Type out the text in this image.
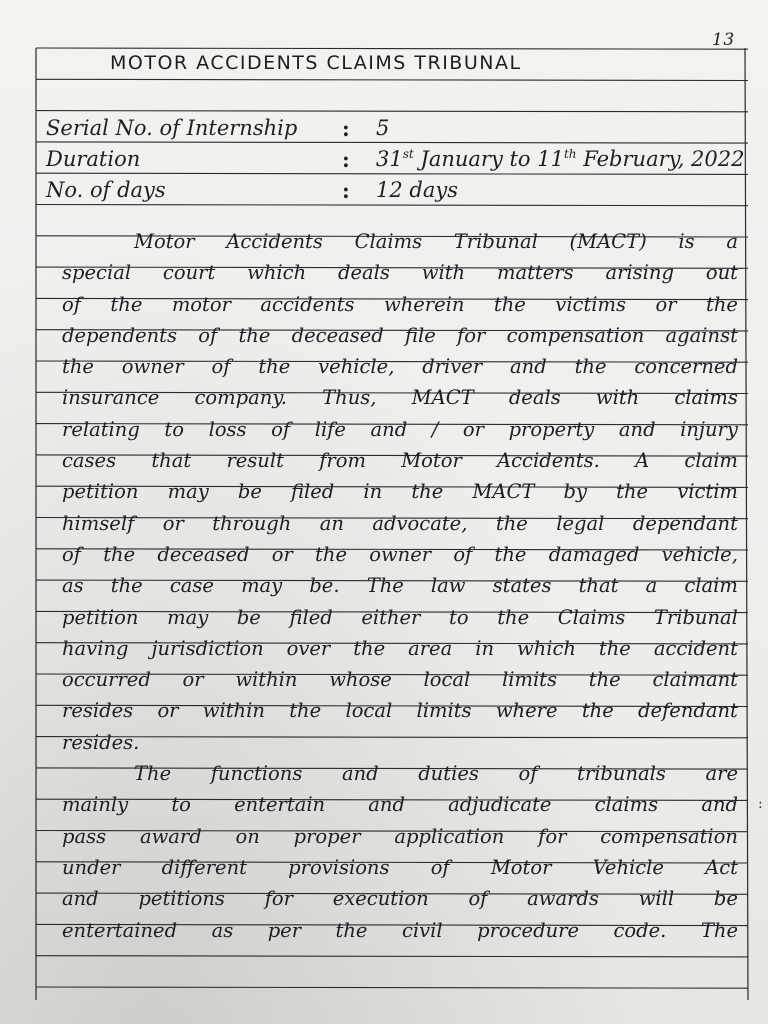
13
MOTOR ACCIDENTS CLAIMS TRIBUNAL
Serial No. of Internship : 5
Duration	: 31st January to 11th February, 2022
No. of days	: 12 days
Motor Accidents Claims Tribunal (MACT) is a
special court which deals with matters arising out
of the motor accidents wherein the victims or the
dependents of the deceased file for compensation against
the owner of the vehicle, driver and the concerned
insurance company. Thus, MACT deals with claims
relating to loss of life and / or property and injury
cases that result from Motor Accidents. A claim
petition may be filed in the MACT by the victim
himself or through an advocate, the legal dependant
of the deceased or the owner of the damaged vehicle,
as the case may be. The law states that a claim
petition may be filed either to the Claims Tribunal
having jurisdiction over the area in which the accident
occurred or within whose local limits the claimant
resides or within the local limits where the defendant
resides.
The functions and duties of tribunals are
mainly to entertain and adjudicate claims and
pass award on proper application for compensation
under different provisions of Motor Vehicle Act
and petitions for execution of awards will be
entertained as per the civil procedure code. The
:
